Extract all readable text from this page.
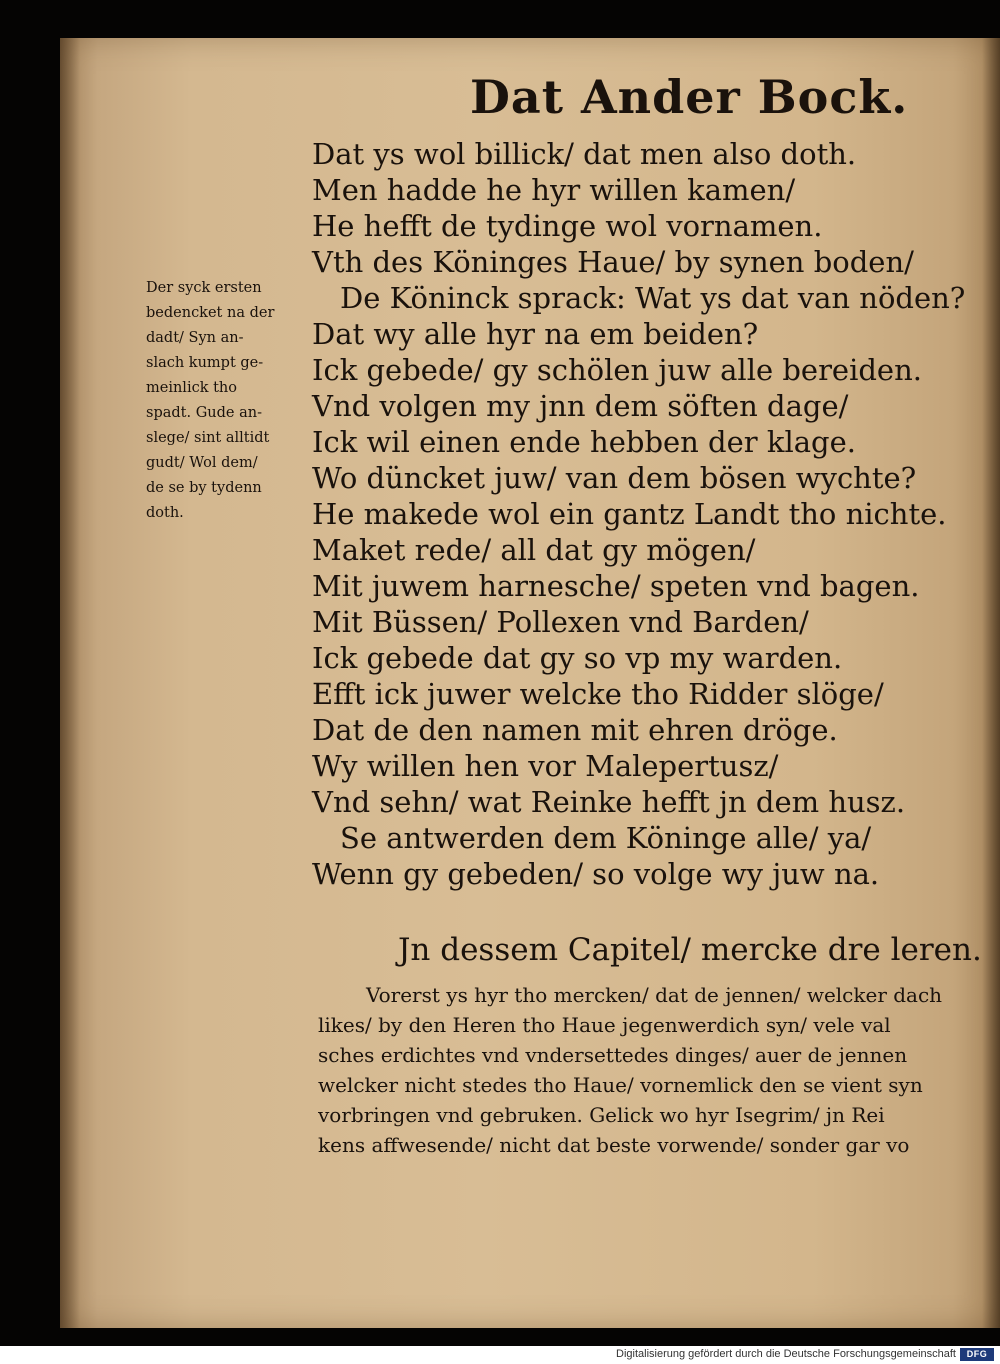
Dat Ander Bock.
Der syck ersten
bedencket na der
dadt/ Syn an-
slach kumpt ge-
meinlick tho
spadt. Gude an-
slege/ sint alltidt
gudt/ Wol dem/
de se by tydenn
doth.
Dat ys wol billick/ dat men also doth.
Men hadde he hyr willen kamen/
He hefft de tydinge wol vornamen.
Vth des Köninges Haue/ by synen boden/
De Köninck sprack: Wat ys dat van nöden?
Dat wy alle hyr na em beiden?
Ick gebede/ gy schölen juw alle bereiden.
Vnd volgen my jnn dem söften dage/
Ick wil einen ende hebben der klage.
Wo düncket juw/ van dem bösen wychte?
He makede wol ein gantz Landt tho nichte.
Maket rede/ all dat gy mögen/
Mit juwem harnesche/ speten vnd bagen.
Mit Büssen/ Pollexen vnd Barden/
Ick gebede dat gy so vp my warden.
Efft ick juwer welcke tho Ridder slöge/
Dat de den namen mit ehren dröge.
Wy willen hen vor Malepertusz/
Vnd sehn/ wat Reinke hefft jn dem husz.
Se antwerden dem Köninge alle/ ya/
Wenn gy gebeden/ so volge wy juw na.
Jn dessem Capitel/ mercke dre leren.
Vorerst ys hyr tho mercken/ dat de jennen/ welcker dach
likes/ by den Heren tho Haue jegenwerdich syn/ vele val
sches erdichtes vnd vndersettedes dinges/ auer de jennen
welcker nicht stedes tho Haue/ vornemlick den se vient syn
vorbringen vnd gebruken. Gelick wo hyr Isegrim/ jn Rei
kens affwesende/ nicht dat beste vorwende/ sonder gar vo
Digitalisierung gefördert durch die Deutsche Forschungsgemeinschaft	DFG
